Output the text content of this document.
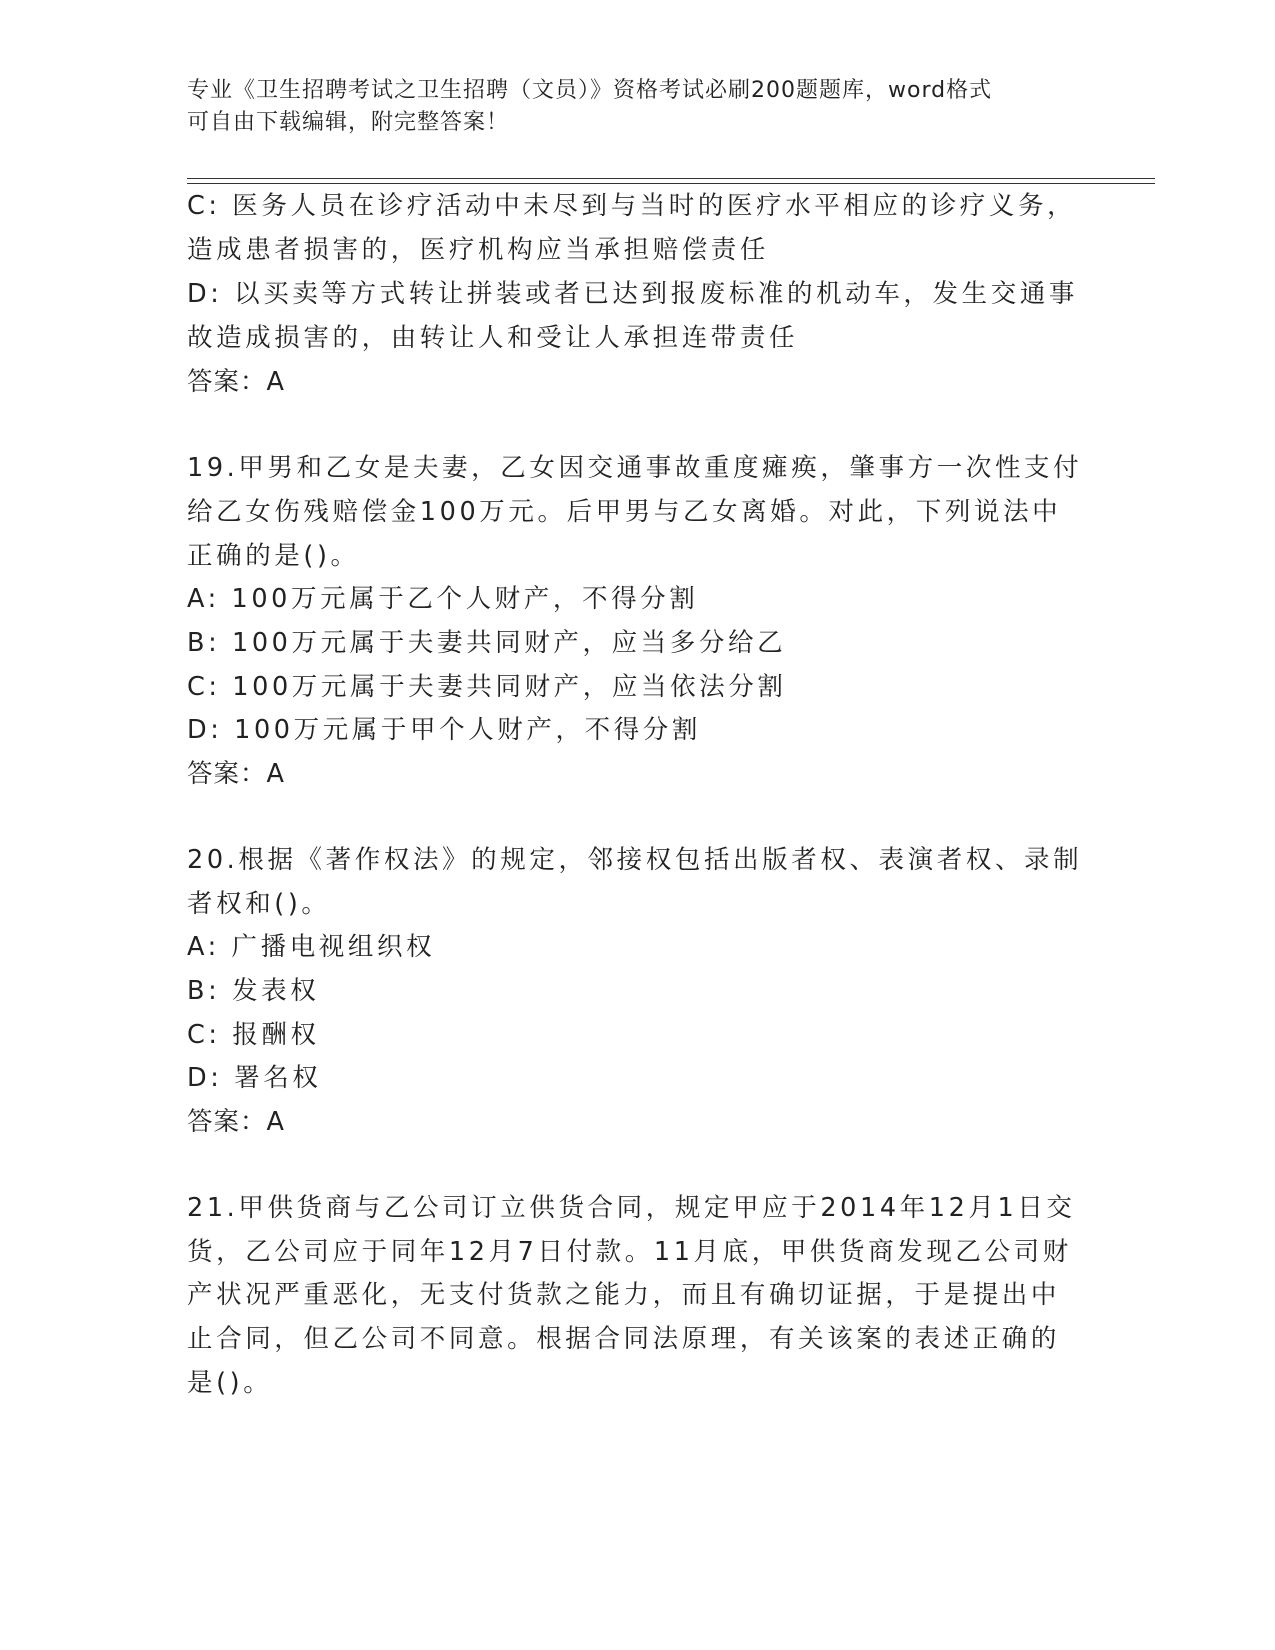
专业《卫生招聘考试之卫生招聘（文员）》资格考试必刷200题题库，word格式
可自由下载编辑，附完整答案！
C: 医务人员在诊疗活动中未尽到与当时的医疗水平相应的诊疗义务，
造成患者损害的，医疗机构应当承担赔偿责任
D: 以买卖等方式转让拼装或者已达到报废标准的机动车，发生交通事
故造成损害的，由转让人和受让人承担连带责任
答案：A
19.甲男和乙女是夫妻，乙女因交通事故重度瘫痪，肇事方一次性支付
给乙女伤残赔偿金100万元。后甲男与乙女离婚。对此，下列说法中
正确的是()。
A: 100万元属于乙个人财产，不得分割
B: 100万元属于夫妻共同财产，应当多分给乙
C: 100万元属于夫妻共同财产，应当依法分割
D: 100万元属于甲个人财产，不得分割
答案：A
20.根据《著作权法》的规定，邻接权包括出版者权、表演者权、录制
者权和()。
A: 广播电视组织权
B: 发表权
C: 报酬权
D: 署名权
答案：A
21.甲供货商与乙公司订立供货合同，规定甲应于2014年12月1日交
货，乙公司应于同年12月7日付款。11月底，甲供货商发现乙公司财
产状况严重恶化，无支付货款之能力，而且有确切证据，于是提出中
止合同，但乙公司不同意。根据合同法原理，有关该案的表述正确的
是()。
